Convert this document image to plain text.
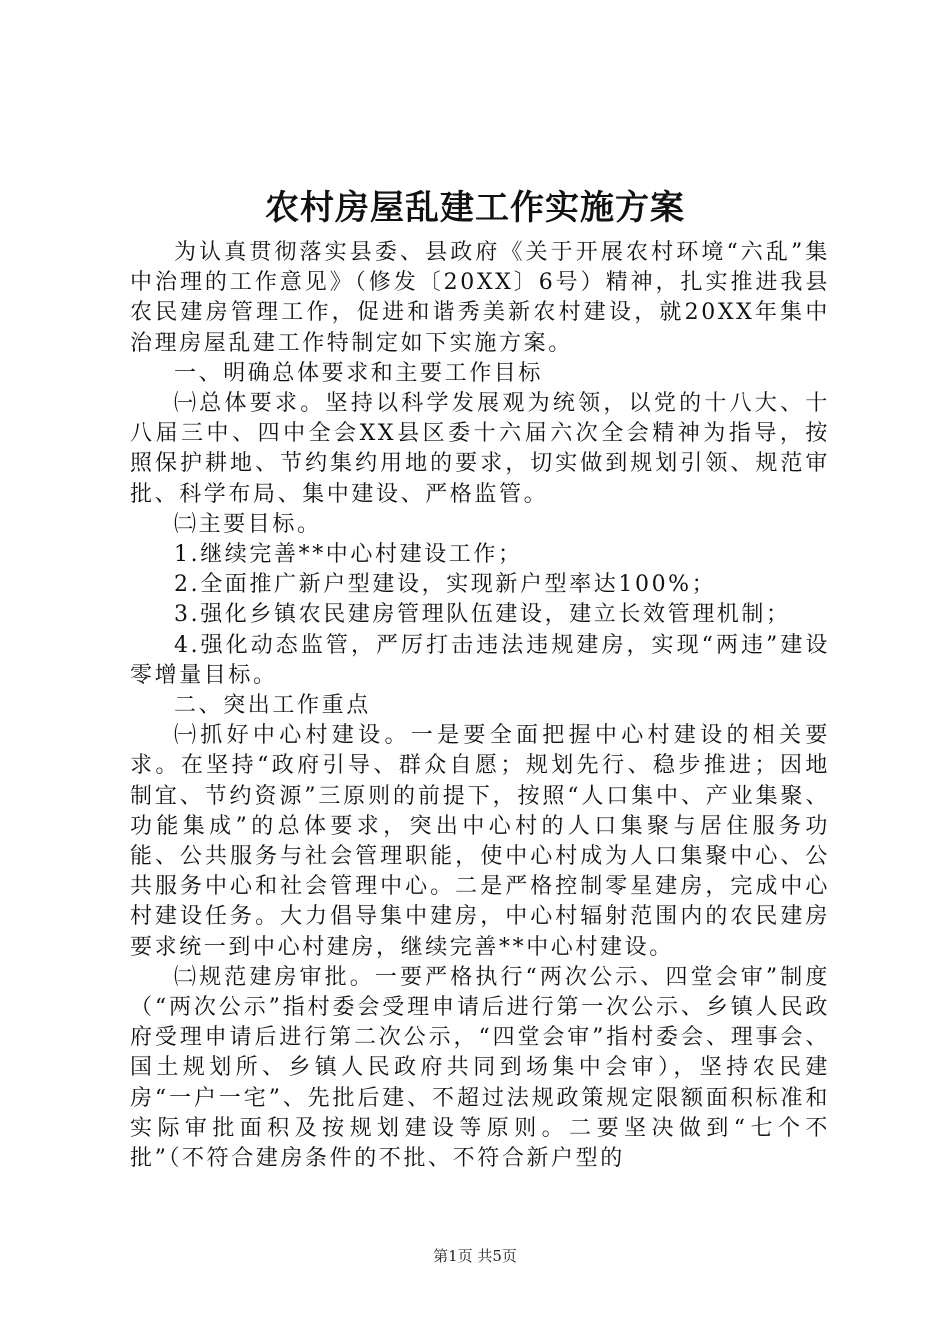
农村房屋乱建工作实施方案

为认真贯彻落实县委、县政府《关于开展农村环境“六乱”集中治理的工作意见》（修发〔20XX〕6号）精神，扎实推进我县农民建房管理工作，促进和谐秀美新农村建设，就20XX年集中治理房屋乱建工作特制定如下实施方案。

一、明确总体要求和主要工作目标

㈠总体要求。坚持以科学发展观为统领，以党的十八大、十八届三中、四中全会XX县区委十六届六次全会精神为指导，按照保护耕地、节约集约用地的要求，切实做到规划引领、规范审批、科学布局、集中建设、严格监管。

㈡主要目标。

1.继续完善**中心村建设工作；

2.全面推广新户型建设，实现新户型率达100%；

3.强化乡镇农民建房管理队伍建设，建立长效管理机制；

4.强化动态监管，严厉打击违法违规建房，实现“两违”建设零增量目标。

二、突出工作重点

㈠抓好中心村建设。一是要全面把握中心村建设的相关要求。在坚持“政府引导、群众自愿；规划先行、稳步推进；因地制宜、节约资源”三原则的前提下，按照“人口集中、产业集聚、功能集成”的总体要求，突出中心村的人口集聚与居住服务功能、公共服务与社会管理职能，使中心村成为人口集聚中心、公共服务中心和社会管理中心。二是严格控制零星建房，完成中心村建设任务。大力倡导集中建房，中心村辐射范围内的农民建房要求统一到中心村建房，继续完善**中心村建设。

㈡规范建房审批。一要严格执行“两次公示、四堂会审”制度（“两次公示”指村委会受理申请后进行第一次公示、乡镇人民政府受理申请后进行第二次公示，“四堂会审”指村委会、理事会、国土规划所、乡镇人民政府共同到场集中会审），坚持农民建房“一户一宅”、先批后建、不超过法规政策规定限额面积标准和实际审批面积及按规划建设等原则。二要坚决做到“七个不批”（不符合建房条件的不批、不符合新户型的

第1页 共5页
